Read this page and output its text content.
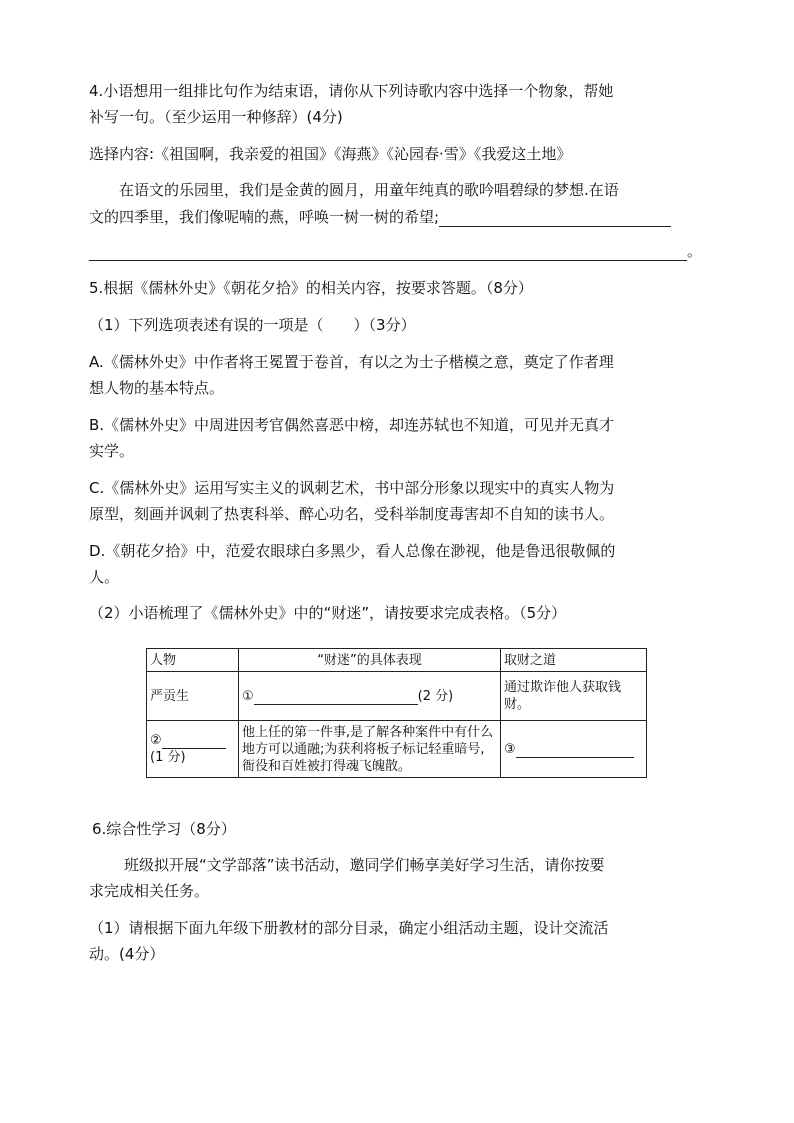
4.小语想用一组排比句作为结束语，请你从下列诗歌内容中选择一个物象，帮她
补写一句。（至少运用一种修辞）(4分)
选择内容:《祖国啊，我亲爱的祖国》《海燕》《沁园春·雪》《我爱这土地》
在语文的乐园里，我们是金黄的圆月，用童年纯真的歌吟唱碧绿的梦想.在语
文的四季里，我们像呢喃的燕，呼唤一树一树的希望;
。
5.根据《儒林外史》《朝花夕拾》的相关内容，按要求答题。（8分）
（1）下列选项表述有误的一项是（　　）（3分）
A.《儒林外史》中作者将王冕置于卷首，有以之为士子楷模之意，奠定了作者理
想人物的基本特点。
B.《儒林外史》中周进因考官偶然喜恶中榜，却连苏轼也不知道，可见并无真才
实学。
C.《儒林外史》运用写实主义的讽刺艺术，书中部分形象以现实中的真实人物为
原型，刻画并讽刺了热衷科举、醉心功名，受科举制度毒害却不自知的读书人。
D.《朝花夕拾》中，范爱农眼球白多黑少，看人总像在渺视，他是鲁迅很敬佩的
人。
（2）小语梳理了《儒林外史》中的“财迷”，请按要求完成表格。（5分）
人物	“财迷”的具体表现	取财之道
严贡生	① (2 分)	通过欺诈他人获取钱财。
②
(1 分)	他上任的第一件事,是了解各种案件中有什么地方可以通融;为获利将板子标记轻重暗号,衙役和百姓被打得魂飞魄散。	③
6.综合性学习（8分）
班级拟开展“文学部落”读书活动，邀同学们畅享美好学习生活，请你按要
求完成相关任务。
（1）请根据下面九年级下册教材的部分目录，确定小组活动主题，设计交流活
动。(4分）
